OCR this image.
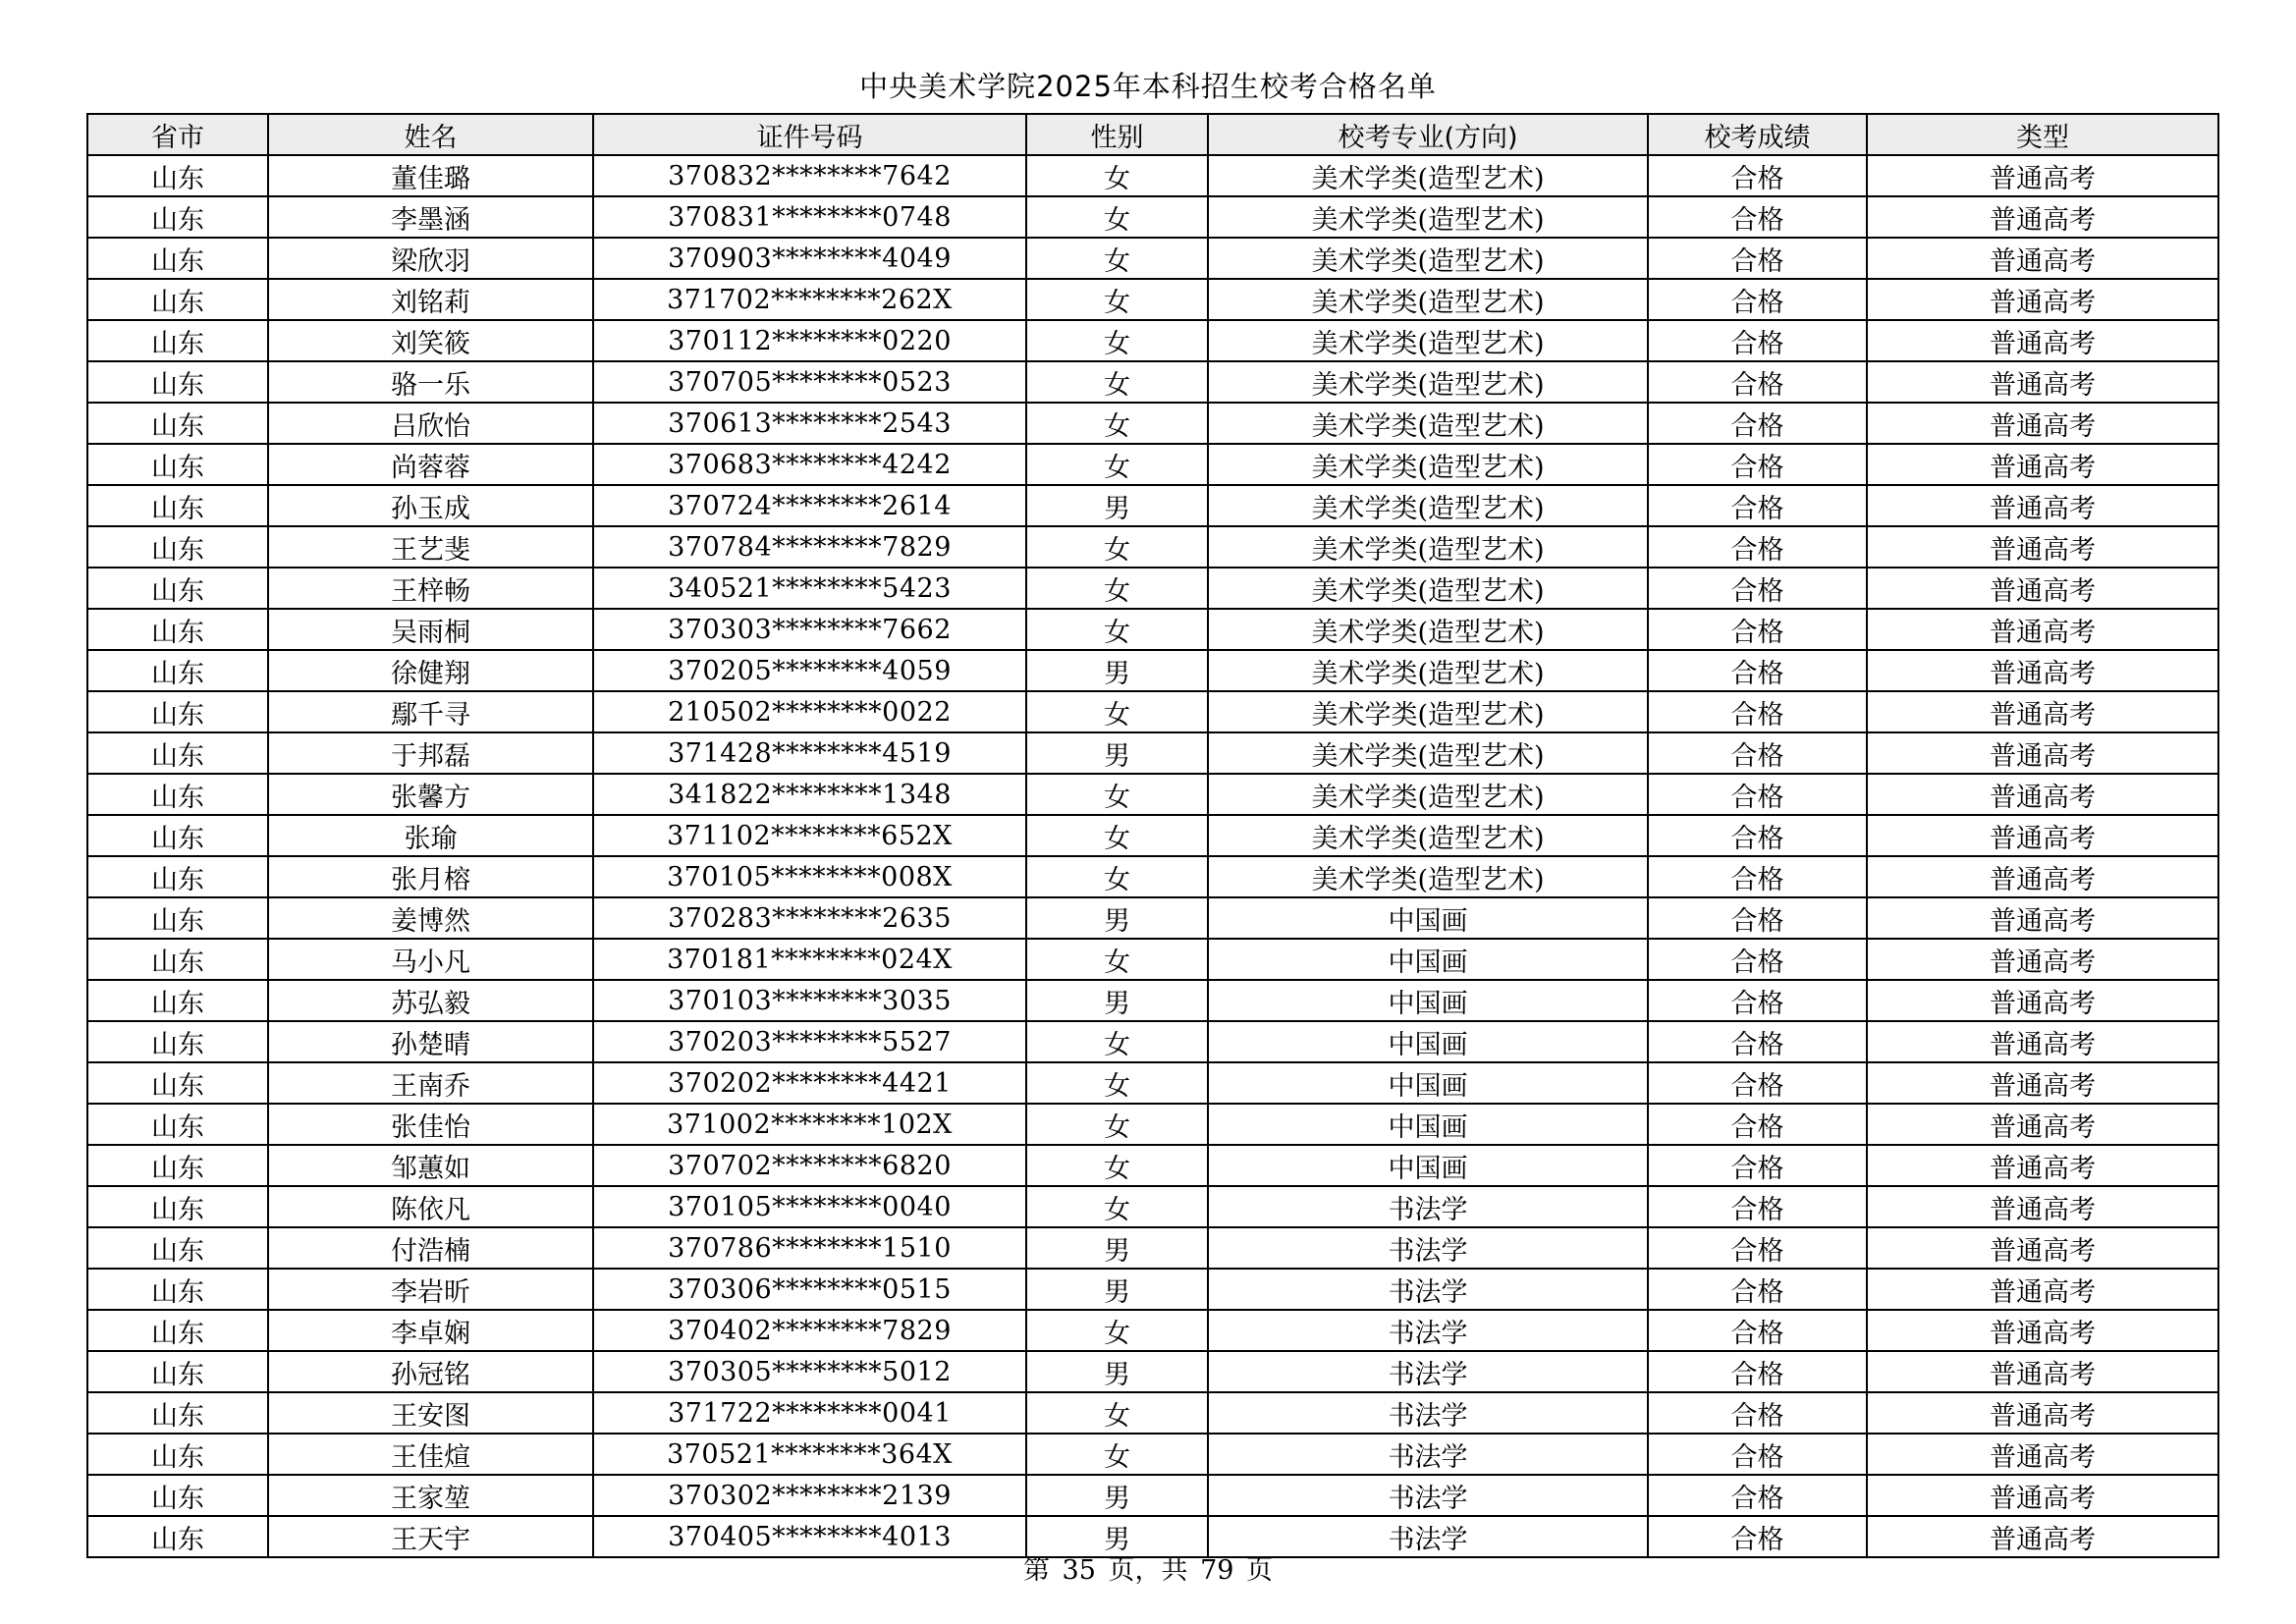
中央美术学院2025年本科招生校考合格名单
省市	姓名	证件号码	性别	校考专业(方向)	校考成绩	类型
山东	董佳璐	370832********7642	女	美术学类(造型艺术)	合格	普通高考
山东	李墨涵	370831********0748	女	美术学类(造型艺术)	合格	普通高考
山东	梁欣羽	370903********4049	女	美术学类(造型艺术)	合格	普通高考
山东	刘铭莉	371702********262X	女	美术学类(造型艺术)	合格	普通高考
山东	刘笑筱	370112********0220	女	美术学类(造型艺术)	合格	普通高考
山东	骆一乐	370705********0523	女	美术学类(造型艺术)	合格	普通高考
山东	吕欣怡	370613********2543	女	美术学类(造型艺术)	合格	普通高考
山东	尚蓉蓉	370683********4242	女	美术学类(造型艺术)	合格	普通高考
山东	孙玉成	370724********2614	男	美术学类(造型艺术)	合格	普通高考
山东	王艺斐	370784********7829	女	美术学类(造型艺术)	合格	普通高考
山东	王梓畅	340521********5423	女	美术学类(造型艺术)	合格	普通高考
山东	吴雨桐	370303********7662	女	美术学类(造型艺术)	合格	普通高考
山东	徐健翔	370205********4059	男	美术学类(造型艺术)	合格	普通高考
山东	鄢千寻	210502********0022	女	美术学类(造型艺术)	合格	普通高考
山东	于邦磊	371428********4519	男	美术学类(造型艺术)	合格	普通高考
山东	张馨方	341822********1348	女	美术学类(造型艺术)	合格	普通高考
山东	张瑜	371102********652X	女	美术学类(造型艺术)	合格	普通高考
山东	张月榕	370105********008X	女	美术学类(造型艺术)	合格	普通高考
山东	姜博然	370283********2635	男	中国画	合格	普通高考
山东	马小凡	370181********024X	女	中国画	合格	普通高考
山东	苏弘毅	370103********3035	男	中国画	合格	普通高考
山东	孙楚晴	370203********5527	女	中国画	合格	普通高考
山东	王南乔	370202********4421	女	中国画	合格	普通高考
山东	张佳怡	371002********102X	女	中国画	合格	普通高考
山东	邹蕙如	370702********6820	女	中国画	合格	普通高考
山东	陈依凡	370105********0040	女	书法学	合格	普通高考
山东	付浩楠	370786********1510	男	书法学	合格	普通高考
山东	李岩昕	370306********0515	男	书法学	合格	普通高考
山东	李卓娴	370402********7829	女	书法学	合格	普通高考
山东	孙冠铭	370305********5012	男	书法学	合格	普通高考
山东	王安图	371722********0041	女	书法学	合格	普通高考
山东	王佳煊	370521********364X	女	书法学	合格	普通高考
山东	王家堃	370302********2139	男	书法学	合格	普通高考
山东	王天宇	370405********4013	男	书法学	合格	普通高考
第 35 页，共 79 页
